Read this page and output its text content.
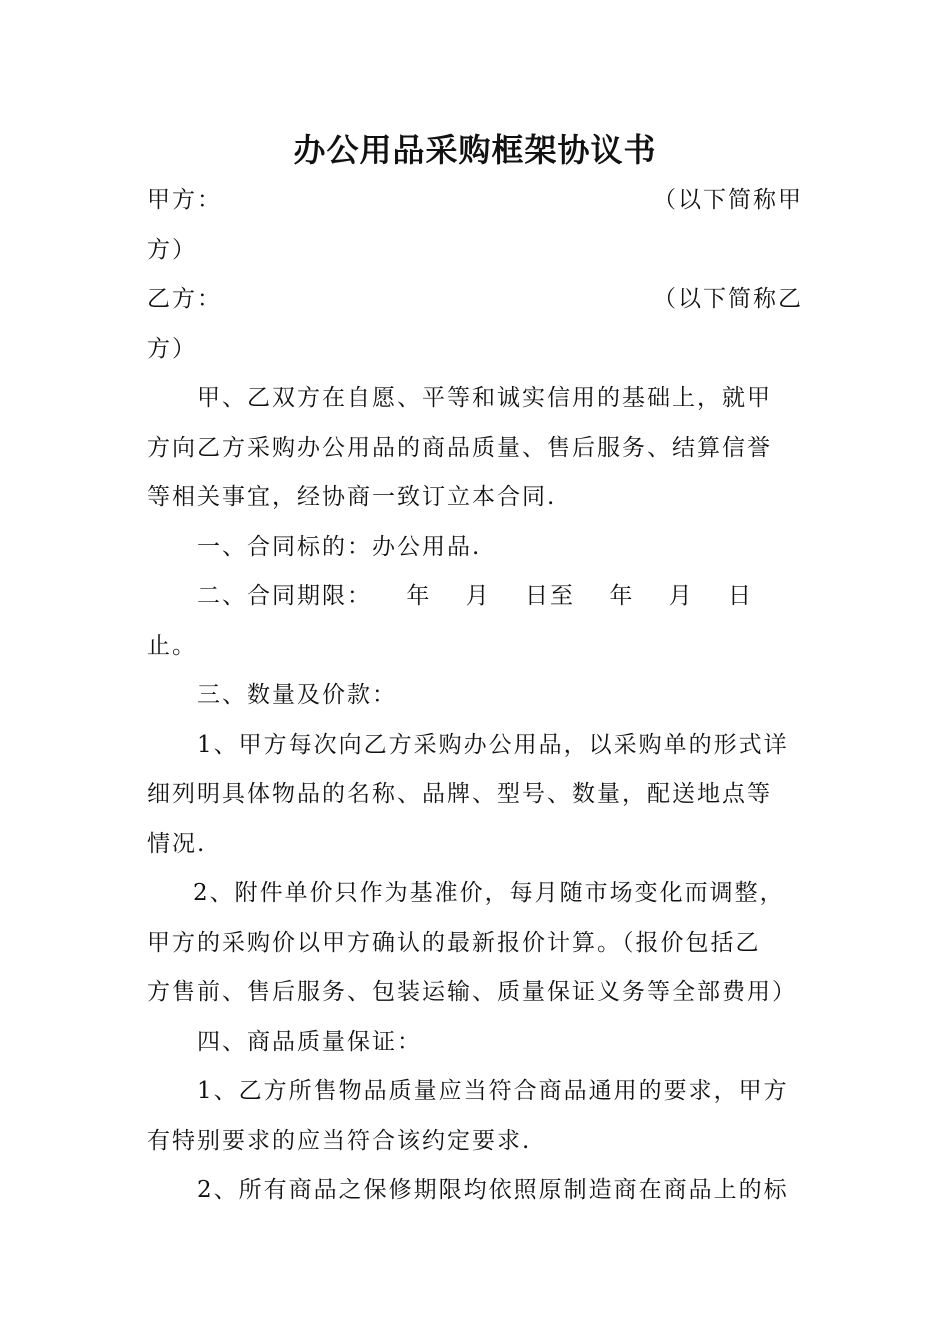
办公用品采购框架协议书
甲方：	（以下简称甲
方）
乙方：	（以下简称乙
方）
甲、乙双方在自愿、平等和诚实信用的基础上，就甲
方向乙方采购办公用品的商品质量、售后服务、结算信誉
等相关事宜，经协商一致订立本合同.
一、合同标的：办公用品.
二、合同期限： 年 月 日至 年 月 日
止。
三、数量及价款：
1、甲方每次向乙方采购办公用品，以采购单的形式详
细列明具体物品的名称、品牌、型号、数量，配送地点等
情况.
2、附件单价只作为基准价，每月随市场变化而调整，
甲方的采购价以甲方确认的最新报价计算。（报价包括乙
方售前、售后服务、包装运输、质量保证义务等全部费用）
四、商品质量保证：
1、乙方所售物品质量应当符合商品通用的要求，甲方
有特别要求的应当符合该约定要求.
2、所有商品之保修期限均依照原制造商在商品上的标
